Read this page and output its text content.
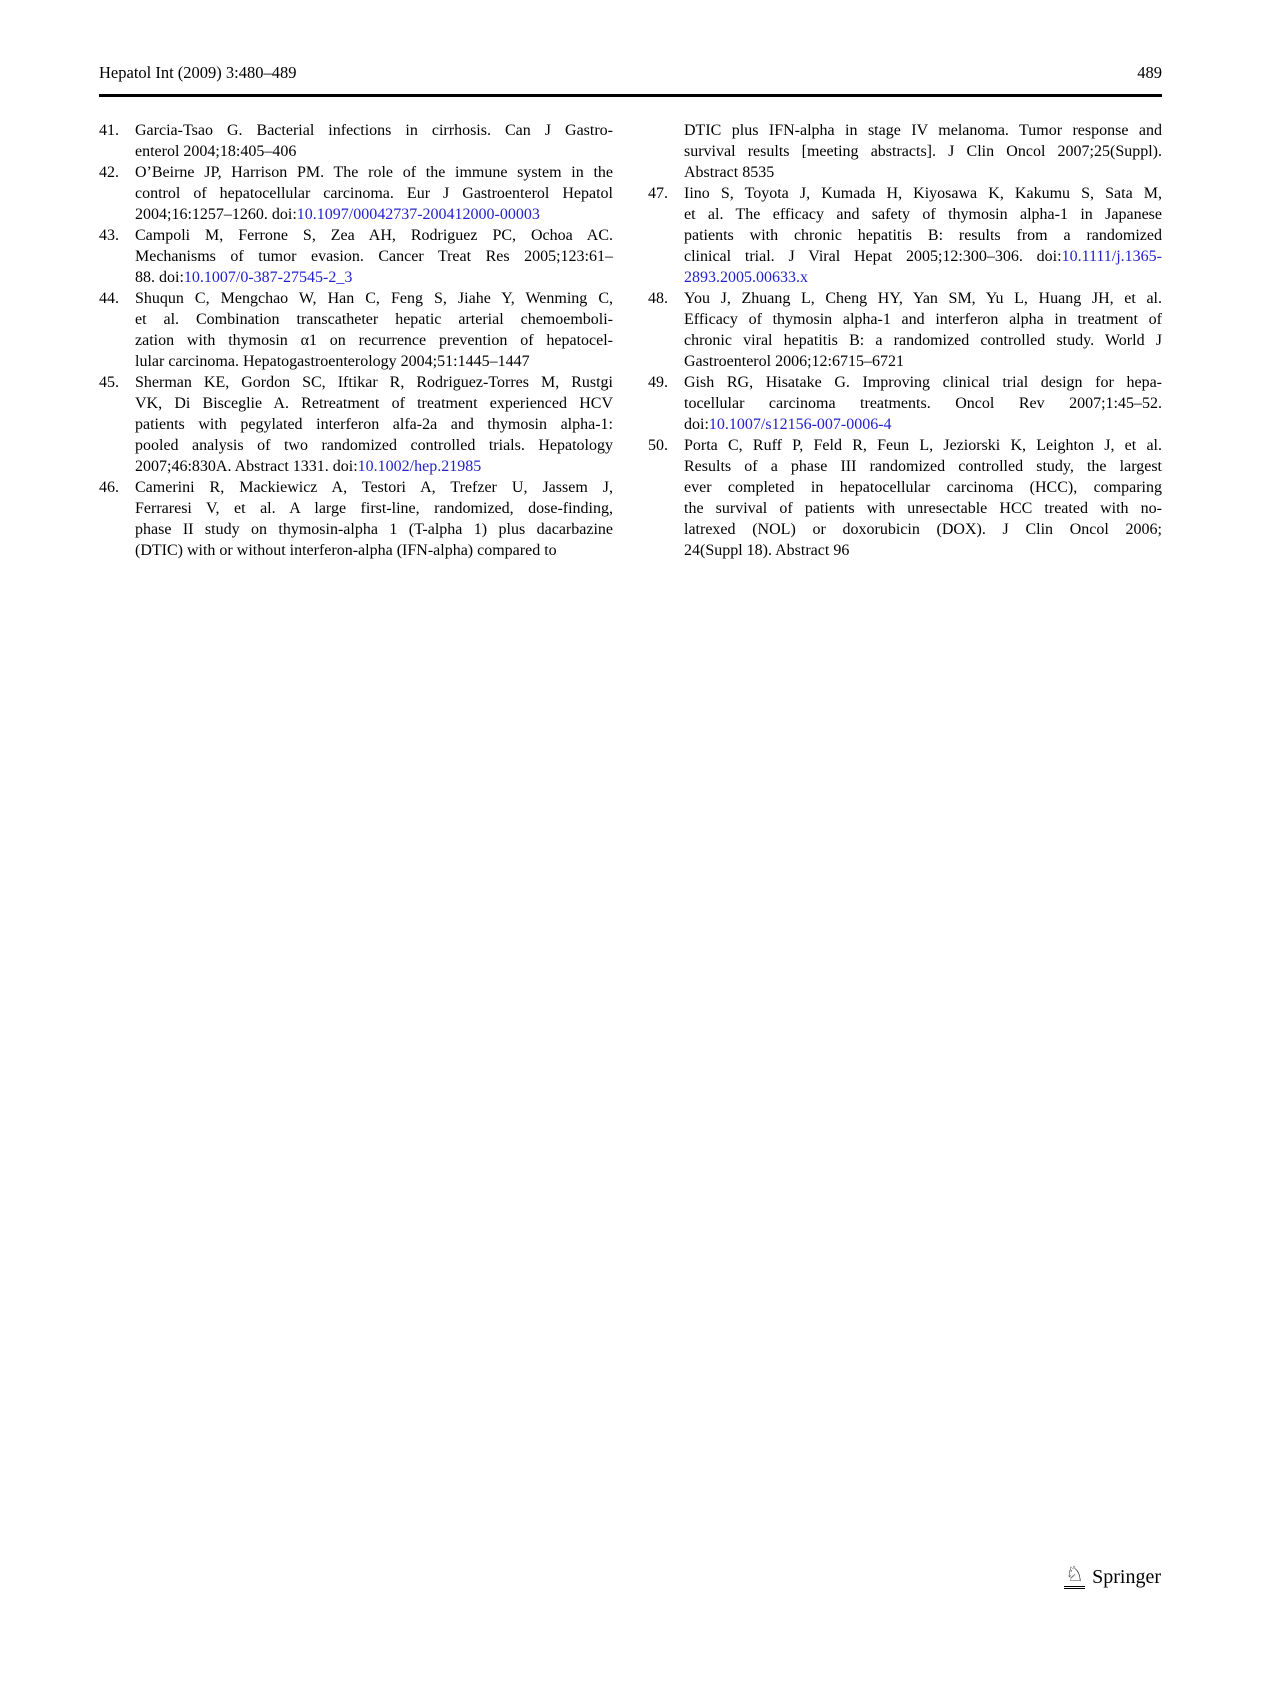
Hepatol Int (2009) 3:480–489	489
41.	Garcia-Tsao G. Bacterial infections in cirrhosis. Can J Gastro-
enterol 2004;18:405–406
42.	O’Beirne JP, Harrison PM. The role of the immune system in the
control of hepatocellular carcinoma. Eur J Gastroenterol Hepatol
2004;16:1257–1260. doi:10.1097/00042737-200412000-00003
43.	Campoli M, Ferrone S, Zea AH, Rodriguez PC, Ochoa AC.
Mechanisms of tumor evasion. Cancer Treat Res 2005;123:61–
88. doi:10.1007/0-387-27545-2_3
44.	Shuqun C, Mengchao W, Han C, Feng S, Jiahe Y, Wenming C,
et al. Combination transcatheter hepatic arterial chemoemboli-
zation with thymosin α1 on recurrence prevention of hepatocel-
lular carcinoma. Hepatogastroenterology 2004;51:1445–1447
45.	Sherman KE, Gordon SC, Iftikar R, Rodriguez-Torres M, Rustgi
VK, Di Bisceglie A. Retreatment of treatment experienced HCV
patients with pegylated interferon alfa-2a and thymosin alpha-1:
pooled analysis of two randomized controlled trials. Hepatology
2007;46:830A. Abstract 1331. doi:10.1002/hep.21985
46.	Camerini R, Mackiewicz A, Testori A, Trefzer U, Jassem J,
Ferraresi V, et al. A large first-line, randomized, dose-finding,
phase II study on thymosin-alpha 1 (T-alpha 1) plus dacarbazine
(DTIC) with or without interferon-alpha (IFN-alpha) compared to
DTIC plus IFN-alpha in stage IV melanoma. Tumor response and
survival results [meeting abstracts]. J Clin Oncol 2007;25(Suppl).
Abstract 8535
47.	Iino S, Toyota J, Kumada H, Kiyosawa K, Kakumu S, Sata M,
et al. The efficacy and safety of thymosin alpha-1 in Japanese
patients with chronic hepatitis B: results from a randomized
clinical trial. J Viral Hepat 2005;12:300–306. doi:10.1111/j.1365-
2893.2005.00633.x
48.	You J, Zhuang L, Cheng HY, Yan SM, Yu L, Huang JH, et al.
Efficacy of thymosin alpha-1 and interferon alpha in treatment of
chronic viral hepatitis B: a randomized controlled study. World J
Gastroenterol 2006;12:6715–6721
49.	Gish RG, Hisatake G. Improving clinical trial design for hepa-
tocellular carcinoma treatments. Oncol Rev 2007;1:45–52.
doi:10.1007/s12156-007-0006-4
50.	Porta C, Ruff P, Feld R, Feun L, Jeziorski K, Leighton J, et al.
Results of a phase III randomized controlled study, the largest
ever completed in hepatocellular carcinoma (HCC), comparing
the survival of patients with unresectable HCC treated with no-
latrexed (NOL) or doxorubicin (DOX). J Clin Oncol 2006;
24(Suppl 18). Abstract 96
♘ Springer
